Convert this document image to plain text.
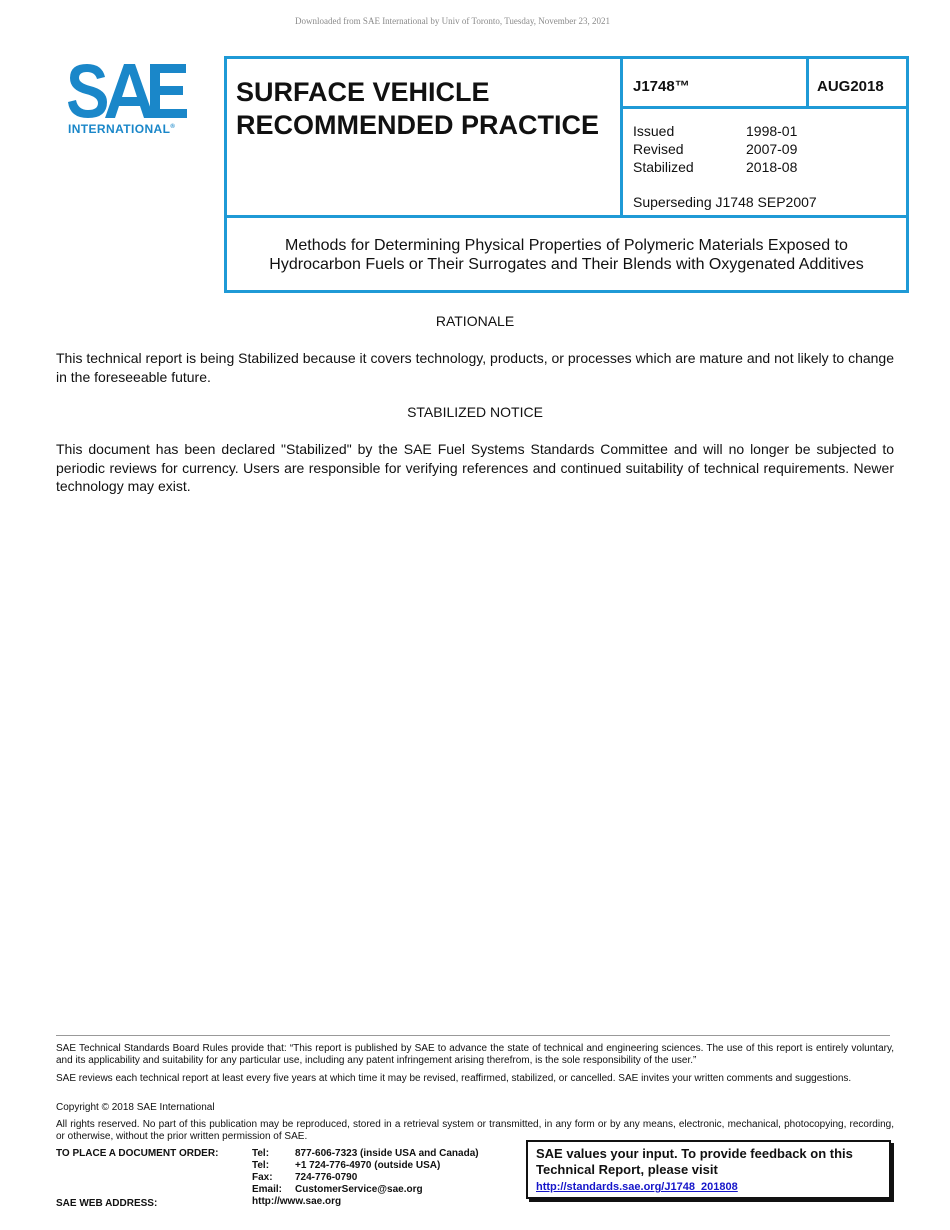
Downloaded from SAE International by Univ of Toronto, Tuesday, November 23, 2021
INTERNATIONAL®
SURFACE VEHICLE
RECOMMENDED PRACTICE
J1748™	AUG2018
Issued	1998-01
Revised	2007-09
Stabilized	2018-08
Superseding J1748 SEP2007
Methods for Determining Physical Properties of Polymeric Materials Exposed to
Hydrocarbon Fuels or Their Surrogates and Their Blends with Oxygenated Additives
RATIONALE
This technical report is being Stabilized because it covers technology, products, or processes which are mature and not likely to change in the foreseeable future.
STABILIZED NOTICE
This document has been declared "Stabilized" by the SAE Fuel Systems Standards Committee and will no longer be subjected to periodic reviews for currency. Users are responsible for verifying references and continued suitability of technical requirements. Newer technology may exist.
SAE Technical Standards Board Rules provide that: “This report is published by SAE to advance the state of technical and engineering sciences. The use of this report is entirely voluntary, and its applicability and suitability for any particular use, including any patent infringement arising therefrom, is the sole responsibility of the user.”
SAE reviews each technical report at least every five years at which time it may be revised, reaffirmed, stabilized, or cancelled. SAE invites your written comments and suggestions.
Copyright © 2018 SAE International
All rights reserved. No part of this publication may be reproduced, stored in a retrieval system or transmitted, in any form or by any means, electronic, mechanical, photocopying, recording, or otherwise, without the prior written permission of SAE.
TO PLACE A DOCUMENT ORDER:	Tel:	877-606-7323 (inside USA and Canada)
Tel:	+1 724-776-4970 (outside USA)
Fax:	724-776-0790
Email:	CustomerService@sae.org
http://www.sae.org
SAE WEB ADDRESS:
SAE values your input. To provide feedback on this
Technical Report, please visit
http://standards.sae.org/J1748_201808
